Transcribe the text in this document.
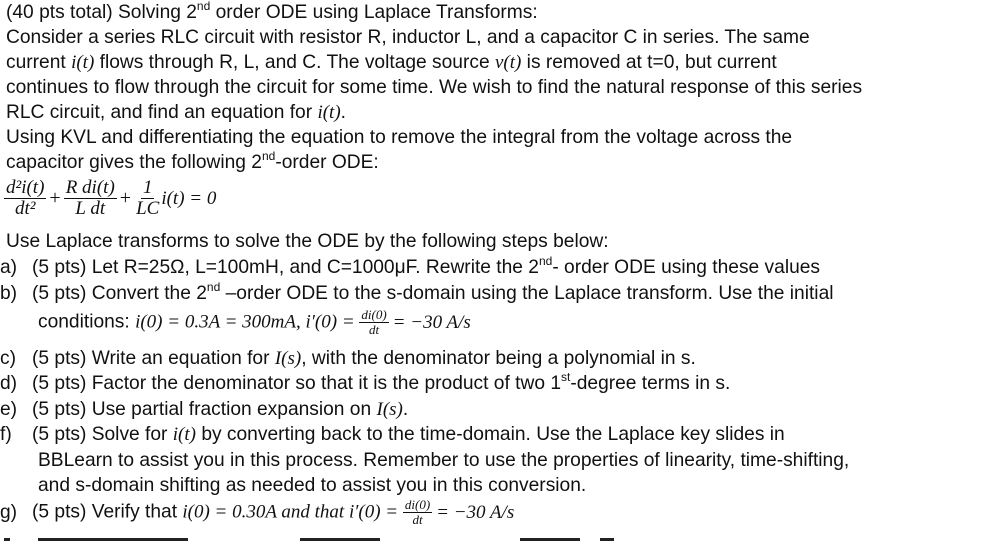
(40 pts total) Solving 2nd order ODE using Laplace Transforms:
Consider a series RLC circuit with resistor R, inductor L, and a capacitor C in series. The same
current i(t) flows through R, L, and C. The voltage source v(t) is removed at t=0, but current
continues to flow through the circuit for some time. We wish to find the natural response of this series
RLC circuit, and find an equation for i(t).
Using KVL and differentiating the equation to remove the integral from the voltage across the
capacitor gives the following 2nd-order ODE:
$\frac{\text{d²i(t)}}{\text{dt²}} + \frac{\text{R di(t)}}{\text{L dt}} + \frac{1}{LC} i(t) = 0$
Use Laplace transforms to solve the ODE by the following steps below:
a) (5 pts) Let R=25Ω, L=100mH, and C=1000μF. Rewrite the 2nd- order ODE using these values
b) (5 pts) Convert the 2nd –order ODE to the s-domain using the Laplace transform. Use the initial
conditions: i(0) = 0.3A = 300mA, $i'(0) = \frac{di(0)}{dt} = -30$ A/s
c) (5 pts) Write an equation for I(s), with the denominator being a polynomial in s.
d) (5 pts) Factor the denominator so that it is the product of two 1st-degree terms in s.
e) (5 pts) Use partial fraction expansion on I(s).
f) (5 pts) Solve for i(t) by converting back to the time-domain. Use the Laplace key slides in
BBLearn to assist you in this process. Remember to use the properties of linearity, time-shifting,
and s-domain shifting as needed to assist you in this conversion.
g) (5 pts) Verify that i(0) = 0.30A and that $i'(0) = \frac{di(0)}{dt} = -30$ A/s
